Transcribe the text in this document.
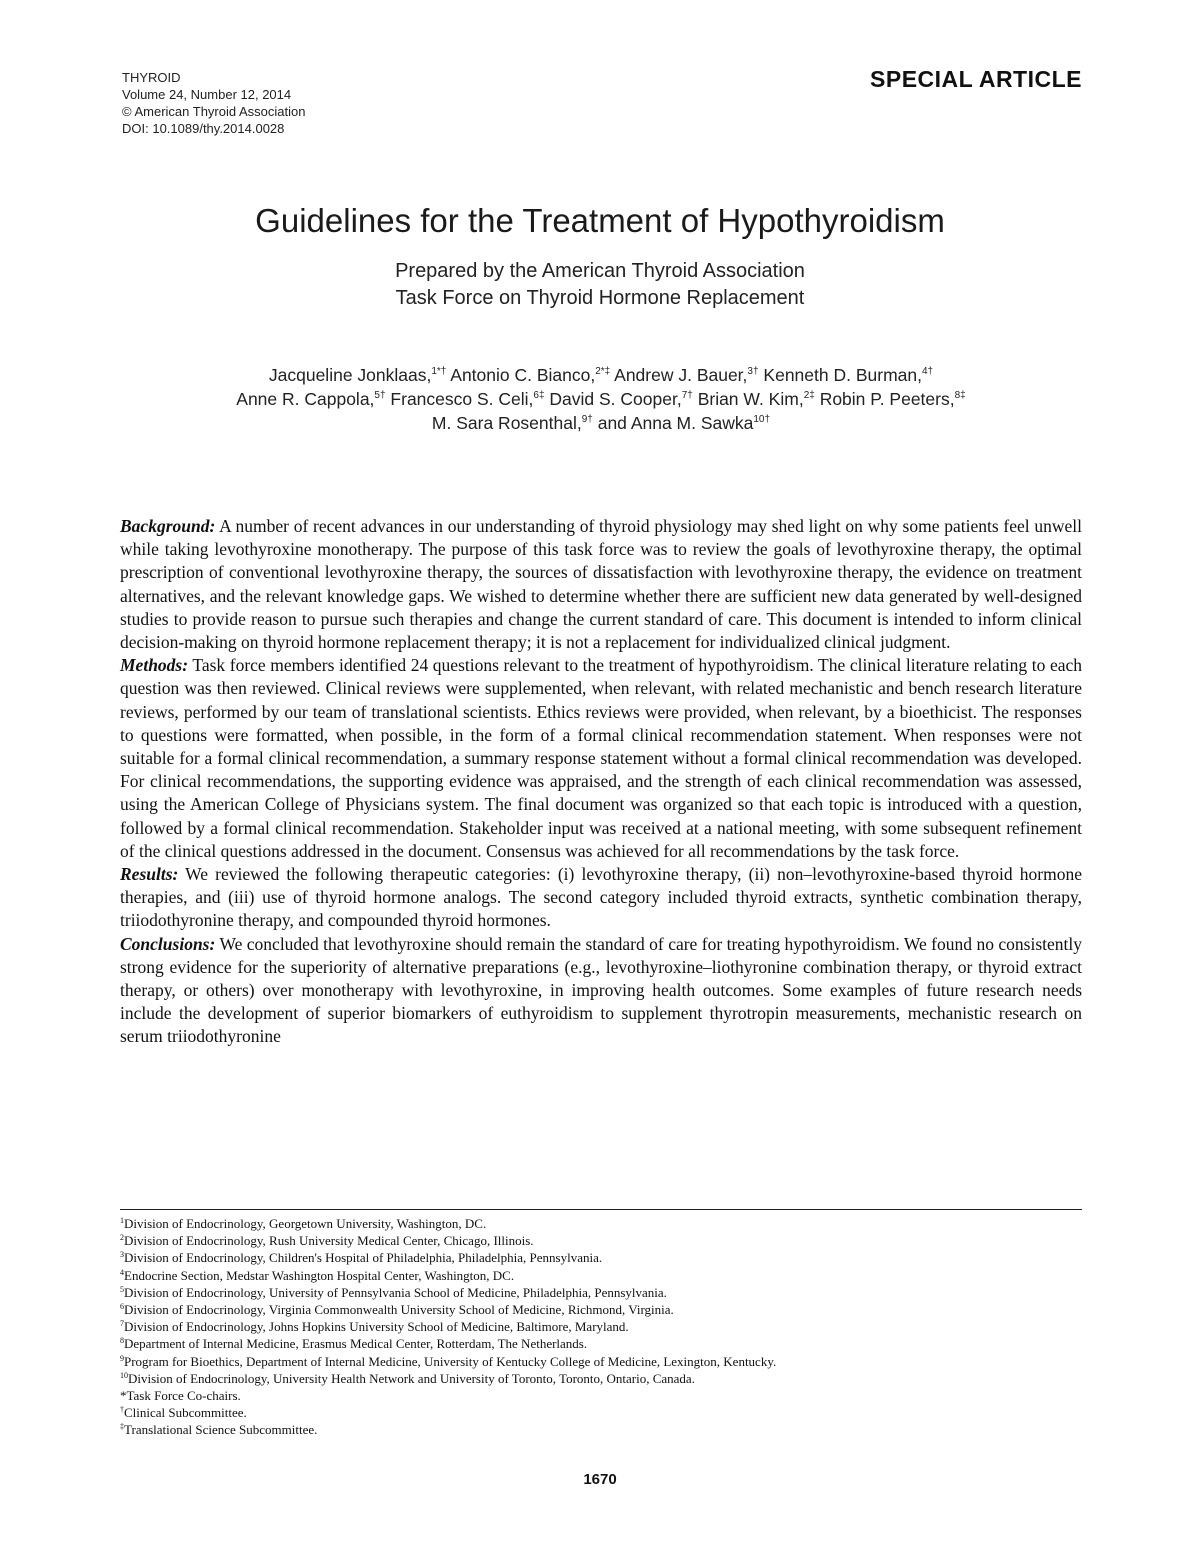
THYROID
Volume 24, Number 12, 2014
© American Thyroid Association
DOI: 10.1089/thy.2014.0028
SPECIAL ARTICLE
Guidelines for the Treatment of Hypothyroidism
Prepared by the American Thyroid Association
Task Force on Thyroid Hormone Replacement
Jacqueline Jonklaas,$^{1*\dagger}$ Antonio C. Bianco,$^{2*\ddagger}$ Andrew J. Bauer,$^{3\dagger}$ Kenneth D. Burman,$^{4\dagger}$
Anne R. Cappola,$^{5\dagger}$ Francesco S. Celi,$^{6\ddagger}$ David S. Cooper,$^{7\dagger}$ Brian W. Kim,$^{2\ddagger}$ Robin P. Peeters,$^{8\ddagger}$
M. Sara Rosenthal,$^{9\dagger}$ and Anna M. Sawka$^{10\dagger}$

Background: A number of recent advances in our understanding of thyroid physiology may shed light on why some patients feel unwell while taking levothyroxine monotherapy. The purpose of this task force was to review the goals of levothyroxine therapy, the optimal prescription of conventional levothyroxine therapy, the sources of dissatisfaction with levothyroxine therapy, the evidence on treatment alternatives, and the relevant knowledge gaps. We wished to determine whether there are sufficient new data generated by well-designed studies to provide reason to pursue such therapies and change the current standard of care. This document is intended to inform clinical decision-making on thyroid hormone replacement therapy; it is not a replacement for individualized clinical judgment.

Methods: Task force members identified 24 questions relevant to the treatment of hypothyroidism. The clinical literature relating to each question was then reviewed. Clinical reviews were supplemented, when relevant, with related mechanistic and bench research literature reviews, performed by our team of translational scientists. Ethics reviews were provided, when relevant, by a bioethicist. The responses to questions were formatted, when possible, in the form of a formal clinical recommendation statement. When responses were not suitable for a formal clinical recommendation, a summary response statement without a formal clinical recommendation was developed. For clinical recommendations, the supporting evidence was appraised, and the strength of each clinical recommendation was assessed, using the American College of Physicians system. The final document was organized so that each topic is introduced with a question, followed by a formal clinical recommendation. Stakeholder input was received at a national meeting, with some subsequent refinement of the clinical questions addressed in the document. Consensus was achieved for all recommendations by the task force.

Results: We reviewed the following therapeutic categories: (i) levothyroxine therapy, (ii) non–levothyroxine-based thyroid hormone therapies, and (iii) use of thyroid hormone analogs. The second category included thyroid extracts, synthetic combination therapy, triiodothyronine therapy, and compounded thyroid hormones.

Conclusions: We concluded that levothyroxine should remain the standard of care for treating hypothyroidism. We found no consistently strong evidence for the superiority of alternative preparations (e.g., levothyroxine–liothyronine combination therapy, or thyroid extract therapy, or others) over monotherapy with levothyroxine, in improving health outcomes. Some examples of future research needs include the development of superior biomarkers of euthyroidism to supplement thyrotropin measurements, mechanistic research on serum triiodothyronine

$^1$Division of Endocrinology, Georgetown University, Washington, DC.
$^2$Division of Endocrinology, Rush University Medical Center, Chicago, Illinois.
$^3$Division of Endocrinology, Children's Hospital of Philadelphia, Philadelphia, Pennsylvania.
$^4$Endocrine Section, Medstar Washington Hospital Center, Washington, DC.
$^5$Division of Endocrinology, University of Pennsylvania School of Medicine, Philadelphia, Pennsylvania.
$^6$Division of Endocrinology, Virginia Commonwealth University School of Medicine, Richmond, Virginia.
$^7$Division of Endocrinology, Johns Hopkins University School of Medicine, Baltimore, Maryland.
$^8$Department of Internal Medicine, Erasmus Medical Center, Rotterdam, The Netherlands.
$^9$Program for Bioethics, Department of Internal Medicine, University of Kentucky College of Medicine, Lexington, Kentucky.
$^{10}$Division of Endocrinology, University Health Network and University of Toronto, Toronto, Ontario, Canada.
*Task Force Co-chairs.
†Clinical Subcommittee.
‡Translational Science Subcommittee.
1670
